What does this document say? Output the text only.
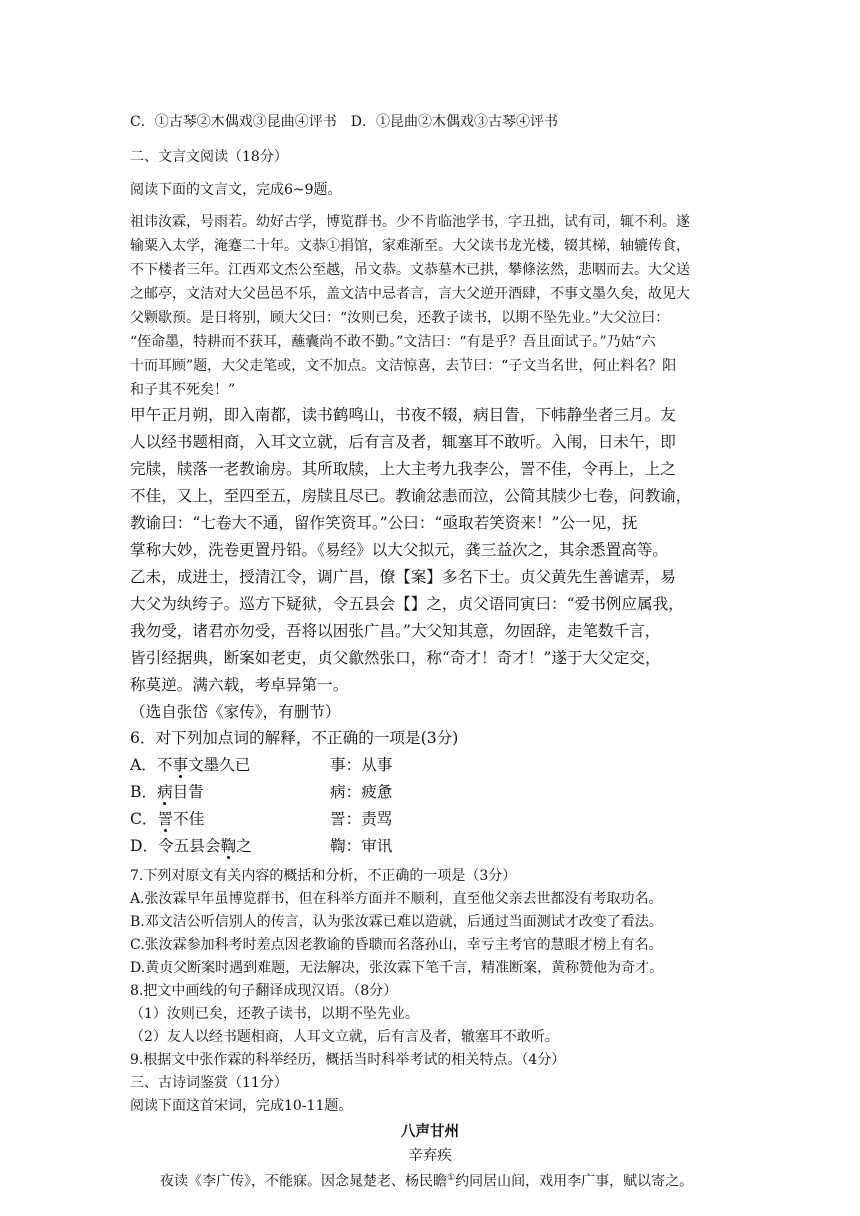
C．①古琴②木偶戏③昆曲④评书 D．①昆曲②木偶戏③古琴④评书
二、文言文阅读（18分）
阅读下面的文言文，完成6~9题。
祖讳汝霖，号雨若。幼好古学，博览群书。少不肯临池学书，字丑拙，试有司，辄不利。遂
输粟入太学，淹蹇二十年。文恭①捐馆，家难渐至。大父读书龙光楼，辍其梯，轴辘传食，
不下楼者三年。江西邓文杰公至越，吊文恭。文恭墓木已拱，攀條泫然，悲咽而去。大父送
之邮亭，文洁对大父邑邑不乐，盖文洁中忌者言，言大父逆开酒肆，不事文墨久矣，故见大
父颗歇预。是日将别，顾大父曰：“汝则已矣，还教子读书，以期不坠先业。”大父泣曰：
“侄命墨，特耕而不获耳，蘸囊尚不敢不勤。”文洁曰：“有是乎？吾且面试子。”乃姑“六
十而耳顾”题，大父走笔或，文不加点。文洁惊喜，去节曰：“子文当名世，何止料名？阳
和子其不死矣！”
甲午正月朔，即入南都，读书鹤鸣山，书夜不辍，病目眚，下帏静坐者三月。友
人以经书题相商，入耳文立就，后有言及者，辄塞耳不敢听。入闱，日未午，即
完牍，牍落一老教谕房。其所取牍，上大主考九我李公，詈不佳，令再上，上之
不佳，又上，至四至五，房牍且尽已。教谕忿恚而泣，公简其牍少七卷，问教谕，
教谕曰：“七卷大不通，留作笑资耳。”公曰：“亟取若笑资来！”公一见，抚
掌称大妙，洗卷更置丹铅。《易经》以大父拟元，龚三益次之，其余悉置高等。
乙未，成进士，授清江令，调广昌，僚【案】多名下士。贞父黄先生善谑弄，易
大父为纨绔子。巡方下疑狱，令五县会【】之，贞父语同寅曰：“爱书例应属我，
我勿受，诸君亦勿受，吾将以困张广昌。”大父知其意，勿固辞，走笔数千言，
皆引经据典，断案如老吏，贞父歙然张口，称“奇才！奇才！”遂于大父定交，
称莫逆。满六载，考卓异第一。
（选自张岱《家传》，有删节）
6．对下列加点词的解释，不正确的一项是(3分)
A．不事文墨久已	事：从事
B．病目眚	病：疲惫
C．詈不佳	詈：责骂
D．令五县会鞫之	鞫：审讯
7.下列对原文有关内容的概括和分析，不正确的一项是（3分）
A.张汝霖早年虽博览群书，但在科举方面并不顺利，直至他父亲去世都没有考取功名。
B.邓文洁公听信别人的传言，认为张汝霖已难以造就，后通过当面测试才改变了看法。
C.张汝霖参加科考时差点因老教谕的昏聩而名落孙山，幸亏主考官的慧眼才榜上有名。
D.黄贞父断案时遇到难题，无法解决，张汝霖下笔千言，精准断案，黄称赞他为奇才。
8.把文中画线的句子翻译成现汉语。（8分）
（1）汝则已矣，还教子读书，以期不坠先业。
（2）友人以经书题相商，人耳文立就，后有言及者，辙塞耳不敢听。
9.根据文中张作霖的科举经历，概括当时科举考试的相关特点。（4分）
三、古诗词鉴赏（11分）
阅读下面这首宋词，完成10-11题。
八声甘州
辛弃疾
夜读《李广传》，不能寐。因念晁楚老、杨民瞻①约同居山间，戏用李广事，赋以寄之。
